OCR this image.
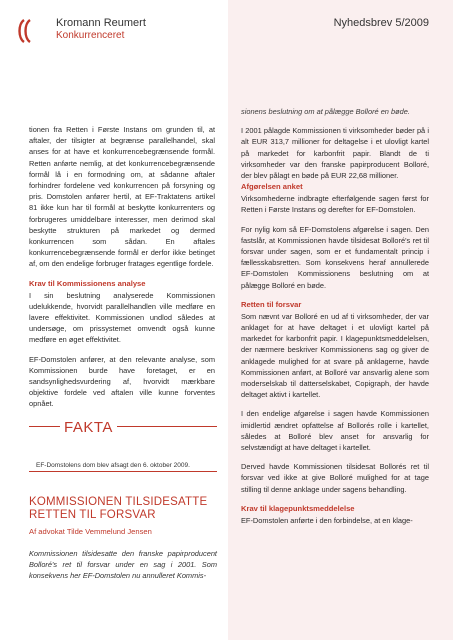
Kromann Reumert
Konkurrenceret
Nyhedsbrev 5/2009

tionen fra Retten i Første Instans om grunden til, at aftaler, der tilsigter at begrænse parallelhandel, skal anses for at have et konkurrencebegrænsende formål. Retten anførte nemlig, at det konkurrencebegrænsende formål lå i en formodning om, at sådanne aftaler forhindrer fordelene ved konkurrencen på forsyning og pris. Domstolen anfører hertil, at EF-Traktatens artikel 81 ikke kun har til formål at beskytte konkurrenters og forbrugeres umiddelbare interesser, men derimod skal beskytte strukturen på markedet og dermed konkurrencen som sådan. En aftales konkurrencebegrænsende formål er derfor ikke betinget af, om den endelige forbruger fratages egentlige fordele.

Krav til Kommissionens analyse

I sin beslutning analyserede Kommissionen udelukkende, hvorvidt parallelhandlen ville medføre en lavere effektivitet. Kommissionen undlod således at undersøge, om prissystemet omvendt også kunne medføre en øget effektivitet.

EF-Domstolen anfører, at den relevante analyse, som Kommissionen burde have foretaget, er en sandsynlighedsvurdering af, hvorvidt mærkbare objektive fordele ved aftalen ville kunne forventes opnået.

FAKTA
EF-Domstolens dom blev afsagt den 6. oktober 2009.
KOMMISSIONEN TILSIDESATTE RETTEN TIL FORSVAR
Af advokat Tilde Vemmelund Jensen

Kommissionen tilsidesatte den franske papirproducent Bolloré's ret til forsvar under en sag i 2001. Som konsekvens her EF-Domstolen nu annulleret Kommis-

sionens beslutning om at pålægge Bolloré en bøde.

I 2001 pålagde Kommissionen ti virksomheder bøder på i alt EUR 313,7 millioner for deltagelse i et ulovligt kartel på markedet for karbonfrit papir. Blandt de ti virksomheder var den franske papirproducent Bolloré, der blev pålagt en bøde på EUR 22,68 millioner.

Afgørelsen anket

Virksomhederne indbragte efterfølgende sagen først for Retten i Første Instans og derefter for EF-Domstolen.

For nylig kom så EF-Domstolens afgørelse i sagen. Den fastslår, at Kommissionen havde tilsidesat Bolloré's ret til forsvar under sagen, som er et fundamentalt princip i fællesskabsretten. Som konsekvens heraf annullerede EF-Domstolen Kommissionens beslutning om at pålægge Bolloré en bøde.

Retten til forsvar

Som nævnt var Bolloré en ud af ti virksomheder, der var anklaget for at have deltaget i et ulovligt kartel på markedet for karbonfrit papir. I klagepunktsmeddelelsen, der nærmere beskriver Kommissionens sag og giver de anklagede mulighed for at svare på anklagerne, havde Kommissionen anført, at Bolloré var ansvarlig alene som moderselskab til datterselskabet, Copigraph, der havde deltaget aktivt i kartellet.

I den endelige afgørelse i sagen havde Kommissionen imidlertid ændret opfattelse af Bollorés rolle i kartellet, således at Bolloré blev anset for ansvarlig for selvstændigt at have deltaget i kartellet.

Derved havde Kommissionen tilsidesat Bollorés ret til forsvar ved ikke at give Bolloré mulighed for at tage stilling til denne anklage under sagens behandling.

Krav til klagepunktsmeddelelse

EF-Domstolen anførte i den forbindelse, at en klage-
